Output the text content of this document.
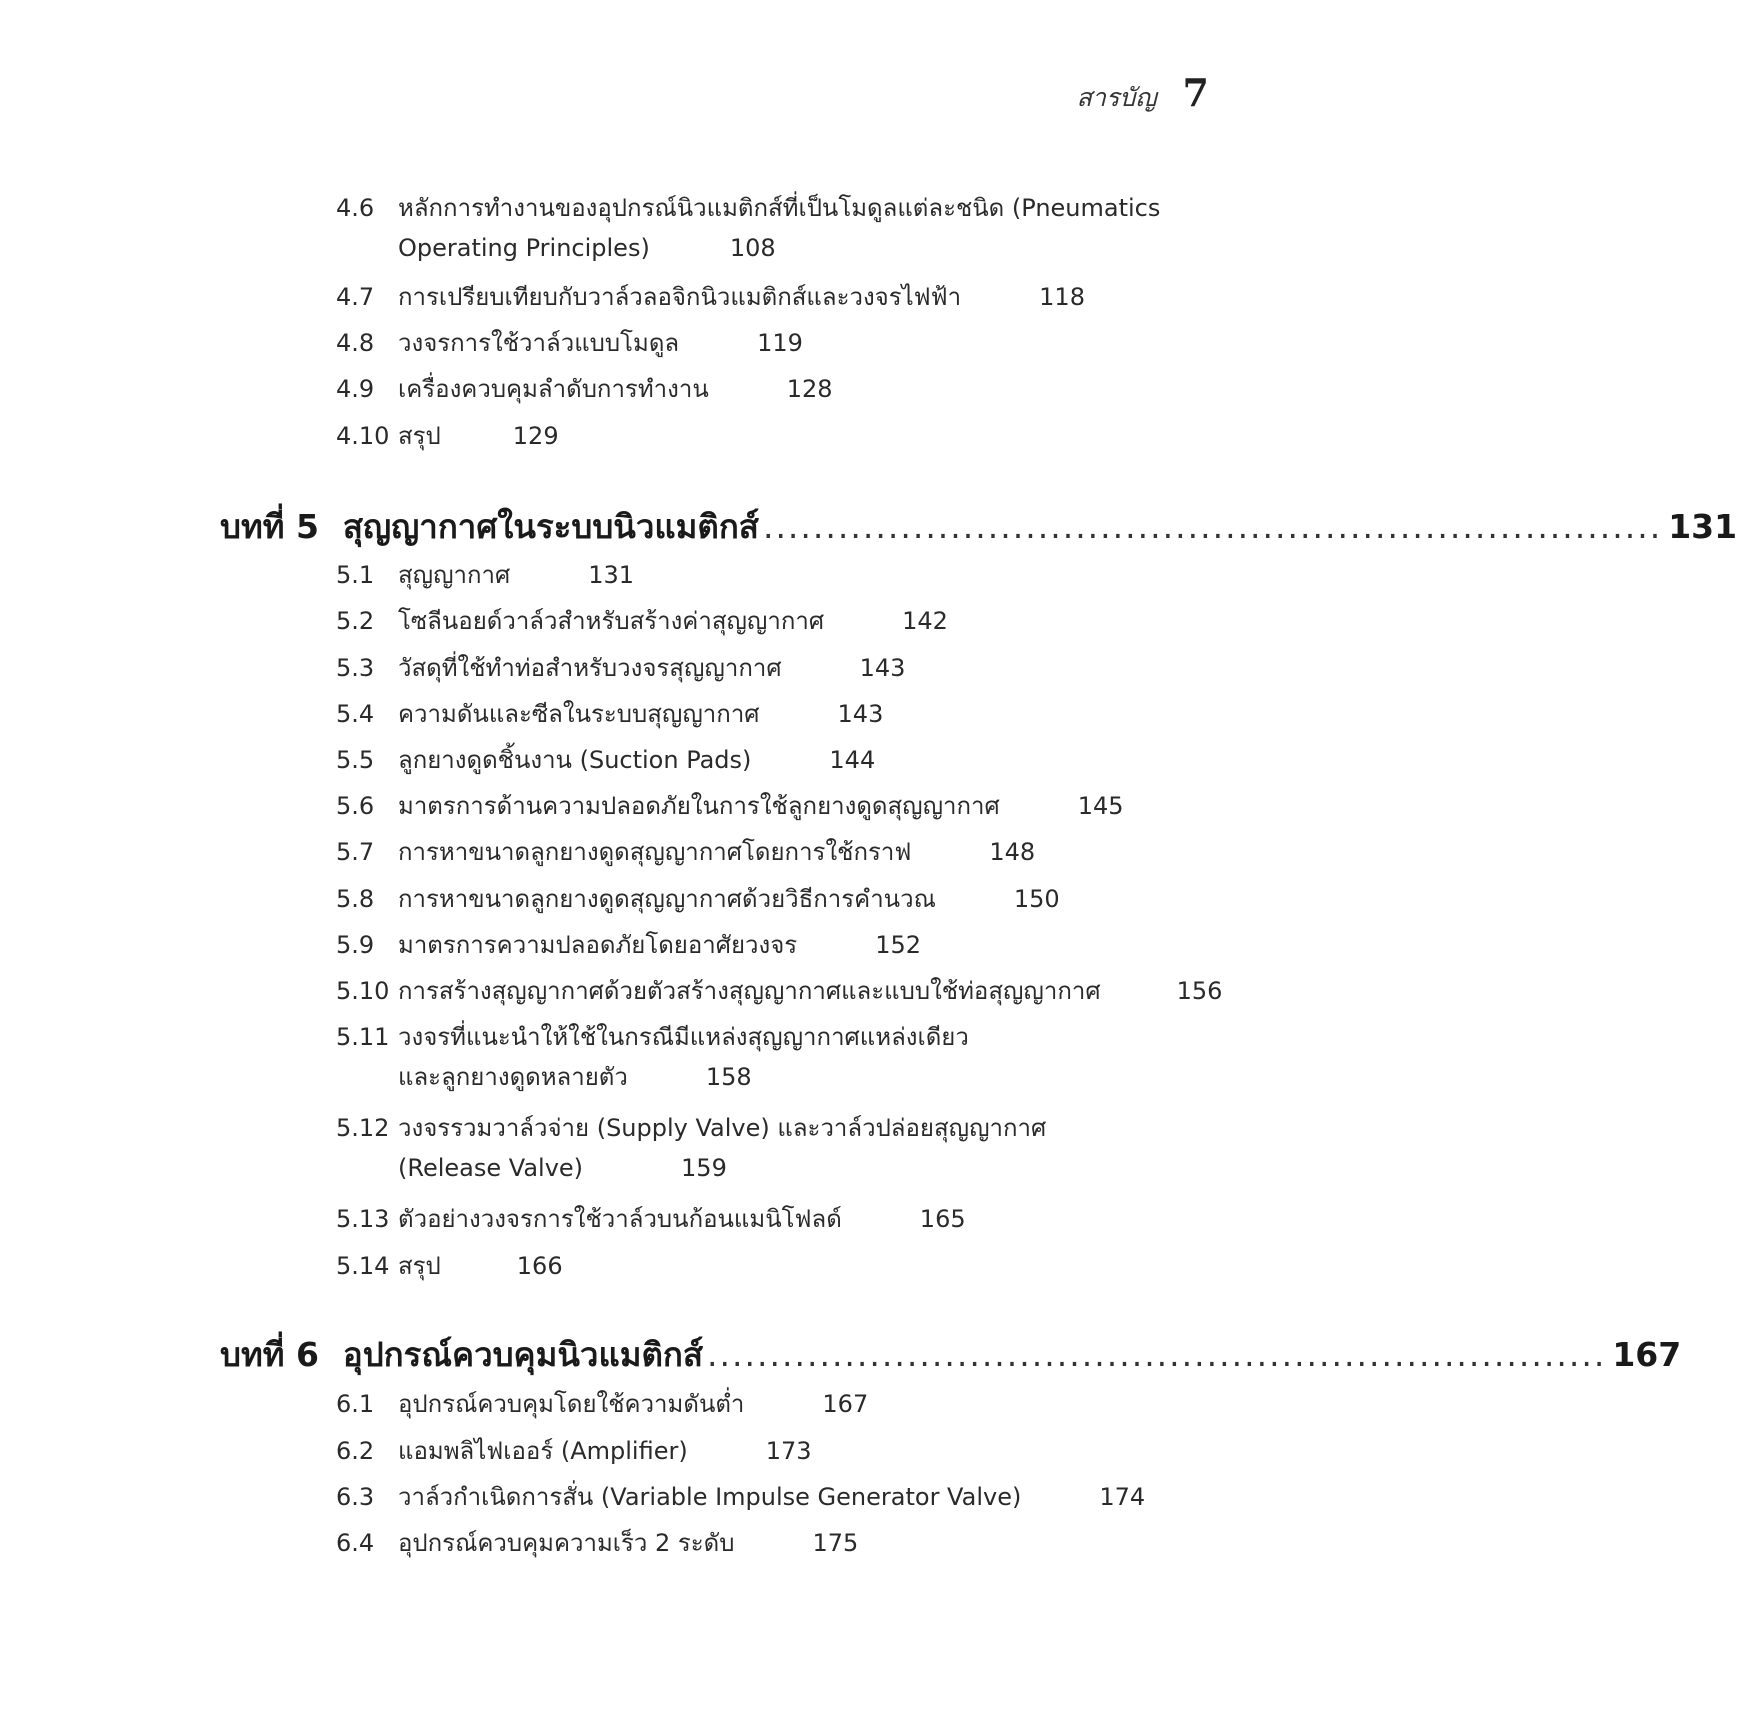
สารบัญ 7
4.6 หลักการทำงานของอุปกรณ์นิวแมติกส์ที่เป็นโมดูลแต่ละชนิด (Pneumatics
Operating Principles)	108
4.7 การเปรียบเทียบกับวาล์วลอจิกนิวแมติกส์และวงจรไฟฟ้า	118
4.8 วงจรการใช้วาล์วแบบโมดูล	119
4.9 เครื่องควบคุมลำดับการทำงาน	128
4.10 สรุป	129
บทที่ 5 สุญญากาศในระบบนิวแมติกส์ ........................................................................ 131
5.1 สุญญากาศ	131
5.2 โซลีนอยด์วาล์วสำหรับสร้างค่าสุญญากาศ	142
5.3 วัสดุที่ใช้ทำท่อสำหรับวงจรสุญญากาศ	143
5.4 ความดันและซีลในระบบสุญญากาศ	143
5.5 ลูกยางดูดชิ้นงาน (Suction Pads)	144
5.6 มาตรการด้านความปลอดภัยในการใช้ลูกยางดูดสุญญากาศ	145
5.7 การหาขนาดลูกยางดูดสุญญากาศโดยการใช้กราฟ	148
5.8 การหาขนาดลูกยางดูดสุญญากาศด้วยวิธีการคำนวณ	150
5.9 มาตรการความปลอดภัยโดยอาศัยวงจร	152
5.10 การสร้างสุญญากาศด้วยตัวสร้างสุญญากาศและแบบใช้ท่อสุญญากาศ	156
5.11 วงจรที่แนะนำให้ใช้ในกรณีมีแหล่งสุญญากาศแหล่งเดียว
และลูกยางดูดหลายตัว	158
5.12 วงจรรวมวาล์วจ่าย (Supply Valve) และวาล์วปล่อยสุญญากาศ
(Release Valve)	159
5.13 ตัวอย่างวงจรการใช้วาล์วบนก้อนแมนิโฟลด์	165
5.14 สรุป	166
บทที่ 6 อุปกรณ์ควบคุมนิวแมติกส์ ........................................................................ 167
6.1 อุปกรณ์ควบคุมโดยใช้ความดันต่ำ	167
6.2 แอมพลิไฟเออร์ (Amplifier)	173
6.3 วาล์วกำเนิดการสั่น (Variable Impulse Generator Valve)	174
6.4 อุปกรณ์ควบคุมความเร็ว 2 ระดับ	175
